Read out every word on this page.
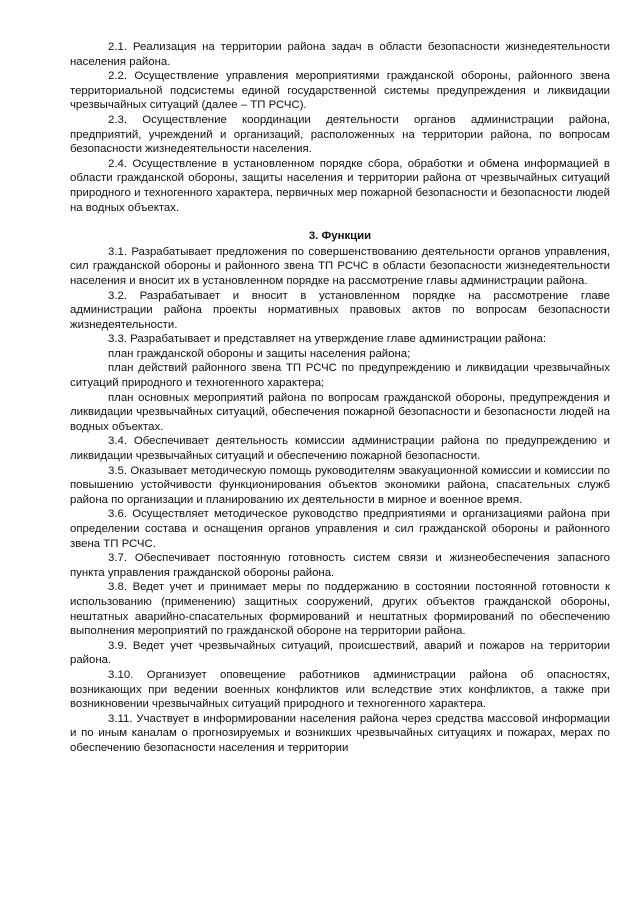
2.1. Реализация на территории района задач в области безопасности жизнедеятельности населения района.

2.2. Осуществление управления мероприятиями гражданской обороны, районного звена территориальной подсистемы единой государственной системы предупреждения и ликвидации чрезвычайных ситуаций (далее – ТП РСЧС).

2.3. Осуществление координации деятельности органов администрации района, предприятий, учреждений и организаций, расположенных на территории района, по вопросам безопасности жизнедеятельности населения.

2.4. Осуществление в установленном порядке сбора, обработки и обмена информацией в области гражданской обороны, защиты населения и территории района от чрезвычайных ситуаций природного и техногенного характера, первичных мер пожарной безопасности и безопасности людей на водных объектах.

3. Функции

3.1. Разрабатывает предложения по совершенствованию деятельности органов управления, сил гражданской обороны и районного звена ТП РСЧС в области безопасности жизнедеятельности населения и вносит их в установленном порядке на рассмотрение главы администрации района.

3.2. Разрабатывает и вносит в установленном порядке на рассмотрение главе администрации района проекты нормативных правовых актов по вопросам безопасности жизнедеятельности.

3.3. Разрабатывает и представляет на утверждение главе администрации района:

план гражданской обороны и защиты населения района;

план действий районного звена ТП РСЧС по предупреждению и ликвидации чрезвычайных ситуаций природного и техногенного характера;

план основных мероприятий района по вопросам гражданской обороны, предупреждения и ликвидации чрезвычайных ситуаций, обеспечения пожарной безопасности и безопасности людей на водных объектах.

3.4. Обеспечивает деятельность комиссии администрации района по предупреждению и ликвидации чрезвычайных ситуаций и обеспечению пожарной безопасности.

3.5. Оказывает методическую помощь руководителям эвакуационной комиссии и комиссии по повышению устойчивости функционирования объектов экономики района, спасательных служб района по организации и планированию их деятельности в мирное и военное время.

3.6. Осуществляет методическое руководство предприятиями и организациями района при определении состава и оснащения органов управления и сил гражданской обороны и районного звена ТП РСЧС.

3.7. Обеспечивает постоянную готовность систем связи и жизнеобеспечения запасного пункта управления гражданской обороны района.

3.8. Ведет учет и принимает меры по поддержанию в состоянии постоянной готовности к использованию (применению) защитных сооружений, других объектов гражданской обороны, нештатных аварийно-спасательных формирований и нештатных формирований по обеспечению выполнения мероприятий по гражданской обороне на территории района.

3.9. Ведет учет чрезвычайных ситуаций, происшествий, аварий и пожаров на территории района.

3.10. Организует оповещение работников администрации района об опасностях, возникающих при ведении военных конфликтов или вследствие этих конфликтов, а также при возникновении чрезвычайных ситуаций природного и техногенного характера.

3.11. Участвует в информировании населения района через средства массовой информации и по иным каналам о прогнозируемых и возникших чрезвычайных ситуациях и пожарах, мерах по обеспечению безопасности населения и территории
